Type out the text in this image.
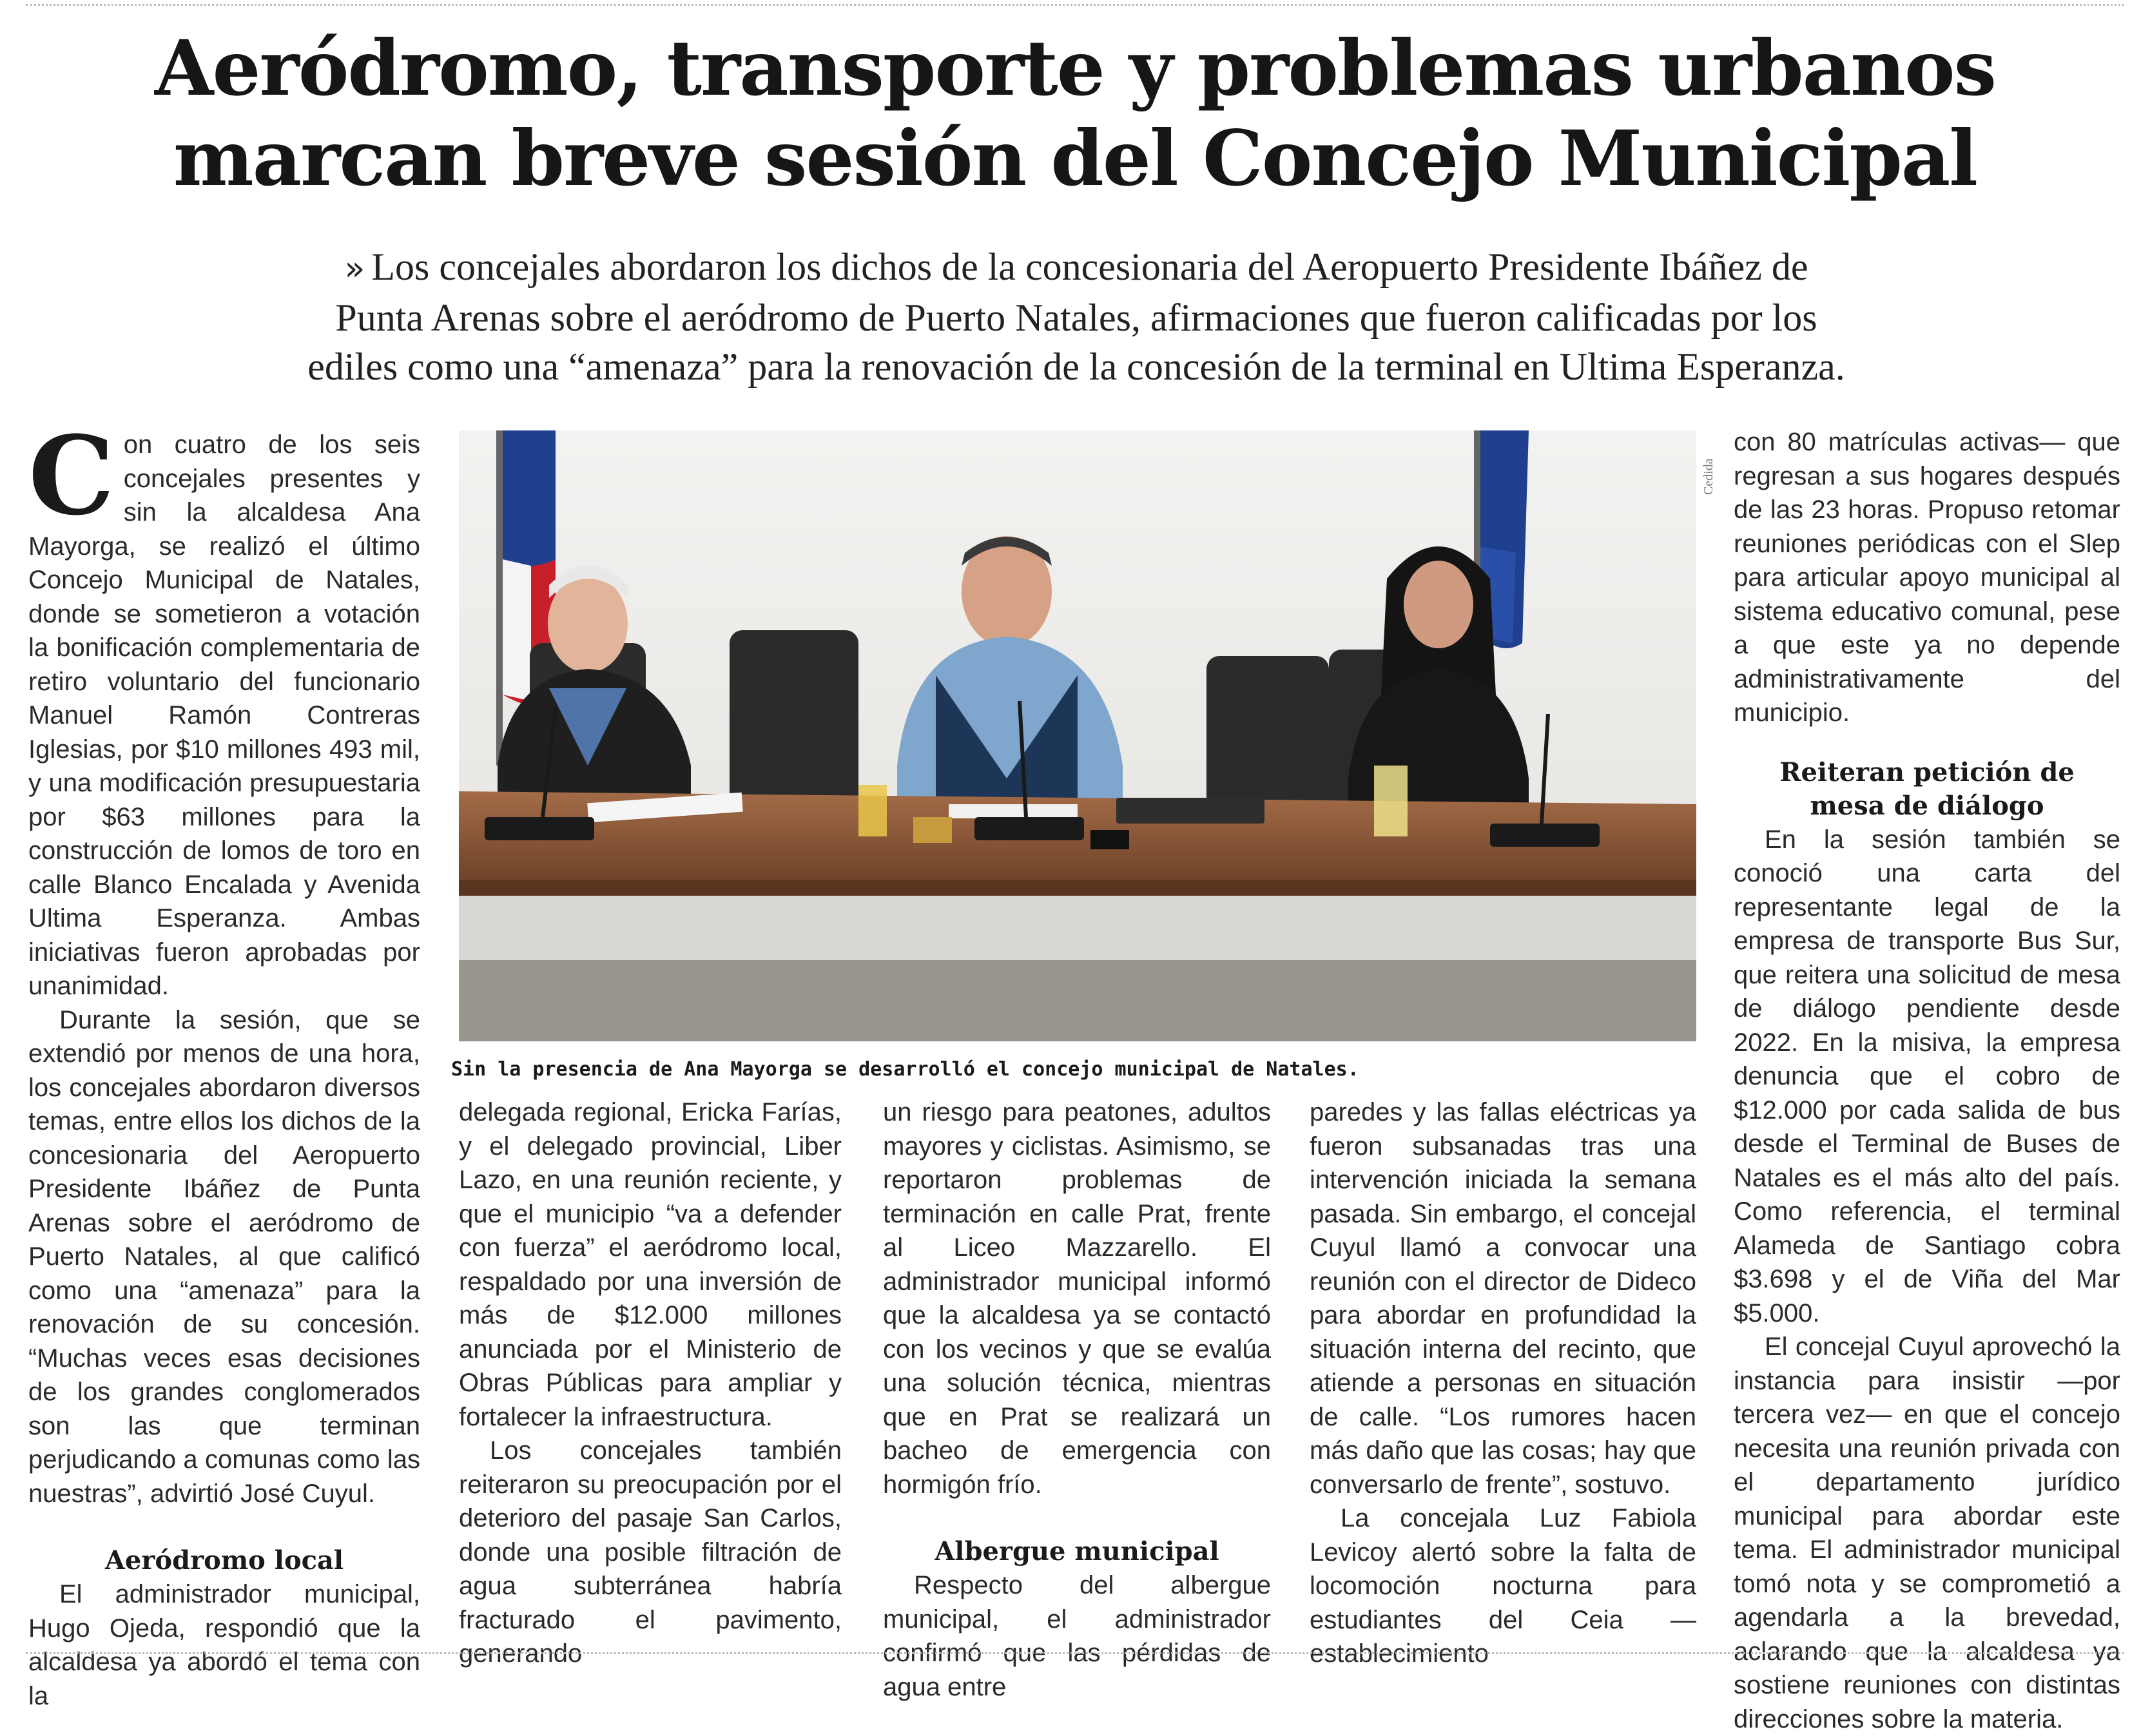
Aeródromo, transporte y problemas urbanos
marcan breve sesión del Concejo Municipal
» Los concejales abordaron los dichos de la concesionaria del Aeropuerto Presidente Ibáñez de
Punta Arenas sobre el aeródromo de Puerto Natales, afirmaciones que fueron calificadas por los
ediles como una “amenaza” para la renovación de la concesión de la terminal en Ultima Esperanza.

Con cuatro de los seis concejales presentes y sin la alcaldesa Ana Mayorga, se realizó el último Concejo Municipal de Natales, donde se sometieron a votación la bonificación complementaria de retiro voluntario del funcionario Manuel Ramón Contreras Iglesias, por $10 millones 493 mil, y una modificación presupuestaria por $63 millones para la construcción de lomos de toro en calle Blanco Encalada y Avenida Ultima Esperanza. Ambas iniciativas fueron aprobadas por unanimidad.

Durante la sesión, que se extendió por menos de una hora, los concejales abordaron diversos temas, entre ellos los dichos de la concesionaria del Aeropuerto Presidente Ibáñez de Punta Arenas sobre el aeródromo de Puerto Natales, al que calificó como una “amenaza” para la renovación de su concesión. “Muchas veces esas decisiones de los grandes conglomerados son las que terminan perjudicando a comunas como las nuestras”, advirtió José Cuyul.

Aeródromo local

El administrador municipal, Hugo Ojeda, respondió que la alcaldesa ya abordó el tema con la

Cedida
Sin la presencia de Ana Mayorga se desarrolló el concejo municipal de Natales.

delegada regional, Ericka Farías, y el delegado provincial, Liber Lazo, en una reunión reciente, y que el municipio “va a defender con fuerza” el aeródromo local, respaldado por una inversión de más de $12.000 millones anunciada por el Ministerio de Obras Públicas para ampliar y fortalecer la infraestructura.

Los concejales también reiteraron su preocupación por el deterioro del pasaje San Carlos, donde una posible filtración de agua subterránea habría fracturado el pavimento, generando

un riesgo para peatones, adultos mayores y ciclistas. Asimismo, se reportaron problemas de terminación en calle Prat, frente al Liceo Mazzarello. El administrador municipal informó que la alcaldesa ya se contactó con los vecinos y que se evalúa una solución técnica, mientras que en Prat se realizará un bacheo de emergencia con hormigón frío.

Albergue municipal

Respecto del albergue municipal, el administrador confirmó que las pérdidas de agua entre

paredes y las fallas eléctricas ya fueron subsanadas tras una intervención iniciada la semana pasada. Sin embargo, el concejal Cuyul llamó a convocar una reunión con el director de Dideco para abordar en profundidad la situación interna del recinto, que atiende a personas en situación de calle. “Los rumores hacen más daño que las cosas; hay que conversarlo de frente”, sostuvo.

La concejala Luz Fabiola Levicoy alertó sobre la falta de locomoción nocturna para estudiantes del Ceia —establecimiento

con 80 matrículas activas— que regresan a sus hogares después de las 23 horas. Propuso retomar reuniones periódicas con el Slep para articular apoyo municipal al sistema educativo comunal, pese a que este ya no depende administrativamente del municipio.

Reiteran petición de mesa de diálogo

En la sesión también se conoció una carta del representante legal de la empresa de transporte Bus Sur, que reitera una solicitud de mesa de diálogo pendiente desde 2022. En la misiva, la empresa denuncia que el cobro de $12.000 por cada salida de bus desde el Terminal de Buses de Natales es el más alto del país. Como referencia, el terminal Alameda de Santiago cobra $3.698 y el de Viña del Mar $5.000.

El concejal Cuyul aprovechó la instancia para insistir —por tercera vez— en que el concejo necesita una reunión privada con el departamento jurídico municipal para abordar este tema. El administrador municipal tomó nota y se comprometió a agendarla a la brevedad, aclarando que la alcaldesa ya sostiene reuniones con distintas direcciones sobre la materia.
